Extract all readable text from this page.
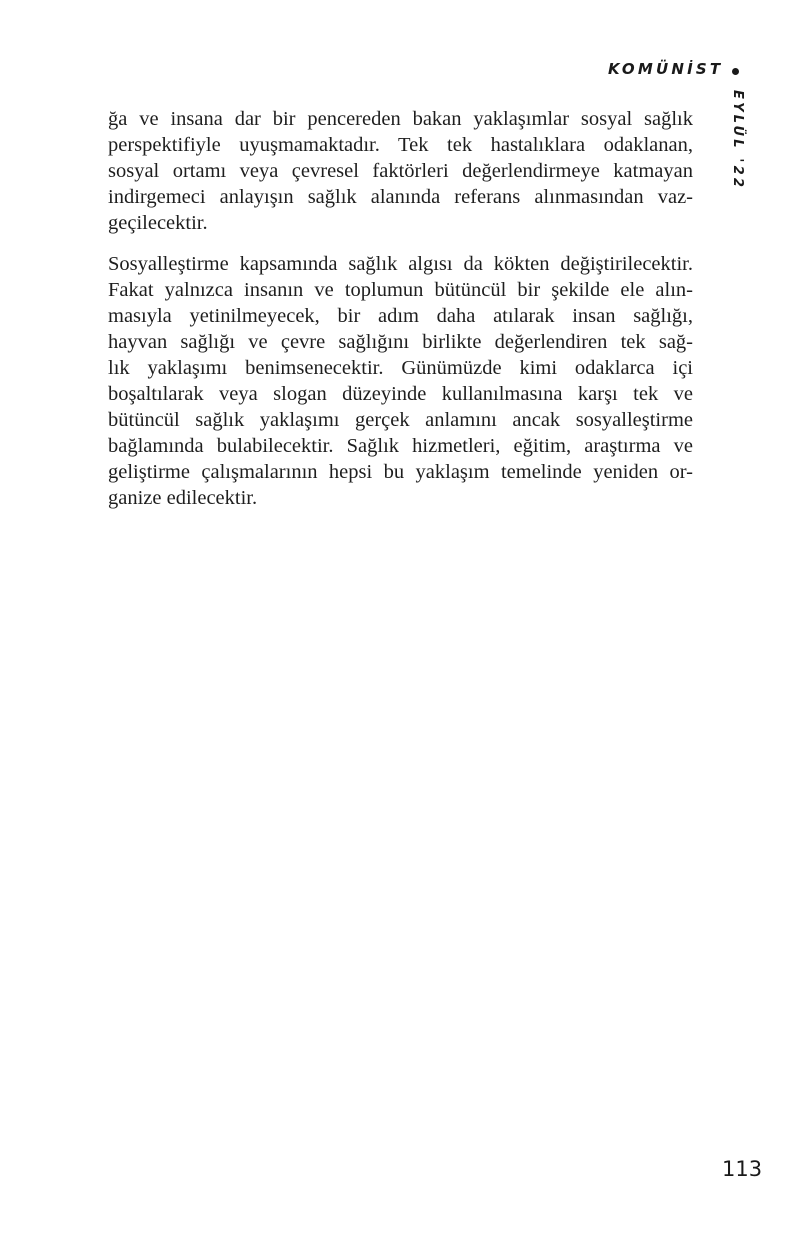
KOMÜNİST
EYLÜL '22

ğa ve insana dar bir pencereden bakan yaklaşımlar sosyal sağlık
perspektifiyle uyuşmamaktadır. Tek tek hastalıklara odaklanan,
sosyal ortamı veya çevresel faktörleri değerlendirmeye katmayan
indirgemeci anlayışın sağlık alanında referans alınmasından vaz-
geçilecektir.

Sosyalleştirme kapsamında sağlık algısı da kökten değiştirilecektir.
Fakat yalnızca insanın ve toplumun bütüncül bir şekilde ele alın-
masıyla yetinilmeyecek, bir adım daha atılarak insan sağlığı,
hayvan sağlığı ve çevre sağlığını birlikte değerlendiren tek sağ-
lık yaklaşımı benimsenecektir. Günümüzde kimi odaklarca içi
boşaltılarak veya slogan düzeyinde kullanılmasına karşı tek ve
bütüncül sağlık yaklaşımı gerçek anlamını ancak sosyalleştirme
bağlamında bulabilecektir. Sağlık hizmetleri, eğitim, araştırma ve
geliştirme çalışmalarının hepsi bu yaklaşım temelinde yeniden or-
ganize edilecektir.

113
